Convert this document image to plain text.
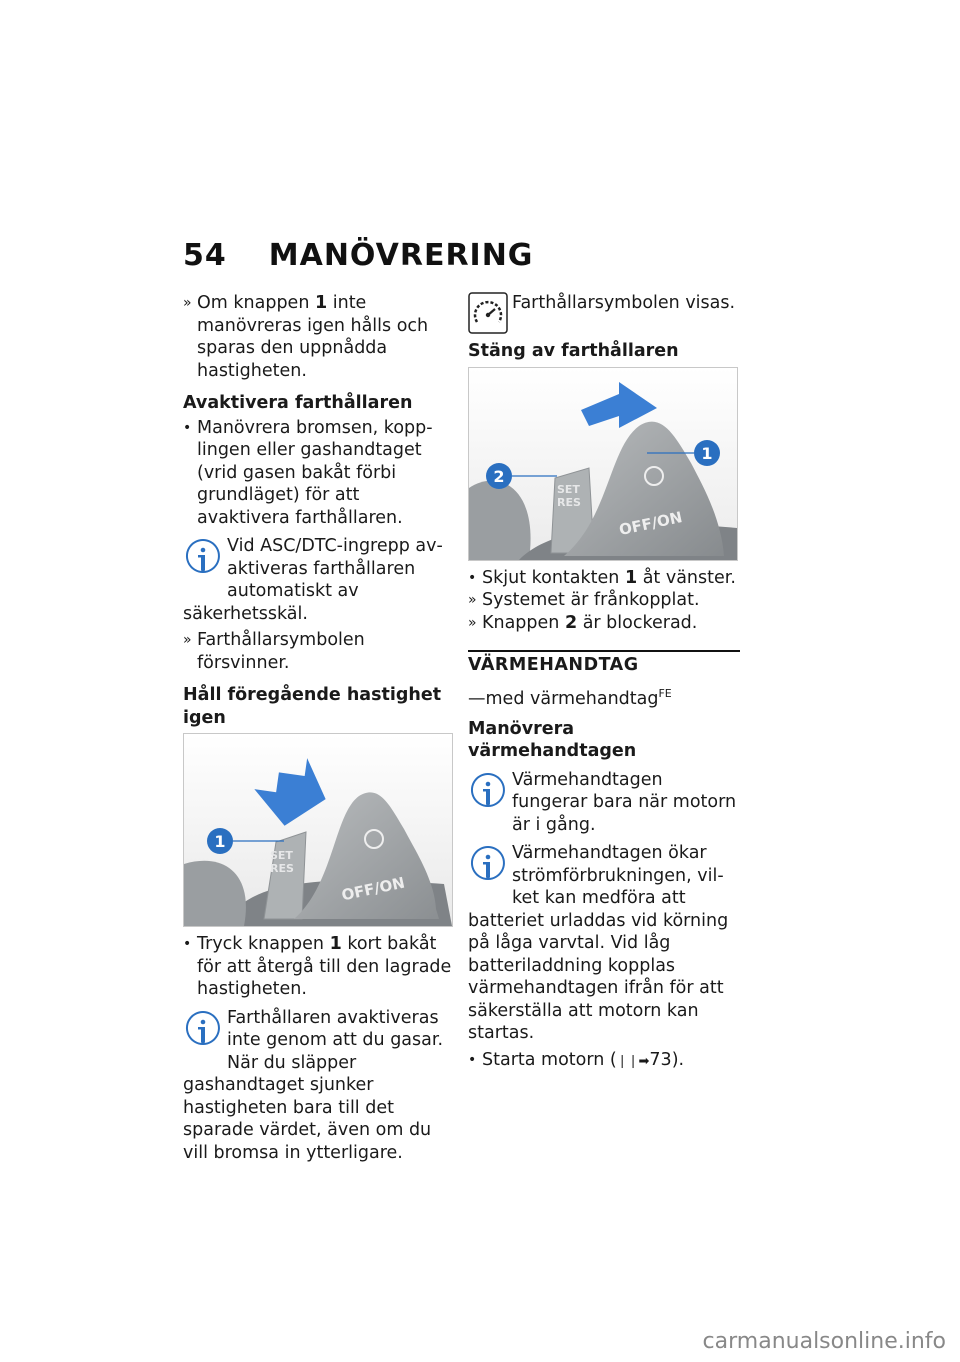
54 MANÖVRERING
» Om knappen 1 inte manövreras igen hålls och sparas den uppnådda hastigheten.

Avaktivera farthållaren

• Manövrera bromsen, kopplingen eller gashandtaget (vrid gasen bakåt förbi grundläget) för att avaktivera farthållaren.
Vid ASC/DTC-ingrepp avaktiveras farthållaren automatiskt av säkerhetsskäl.
» Farthållarsymbolen försvinner.

Håll föregående hastighet igen

1
SET
RES
OFF/ON
• Tryck knappen 1 kort bakåt för att återgå till den lagrade hastigheten.
Farthållaren avaktiveras inte genom att du gasar. När du släpper gashandtaget sjunker hastigheten bara till det sparade värdet, även om du vill bromsa in ytterligare.
Farthållarsymbolen visas.

Stäng av farthållaren

2
1
SET
RES
OFF/ON
• Skjut kontakten 1 åt vänster.
» Systemet är frånkopplat.
» Knappen 2 är blockerad.
VÄRMEHANDTAG

—med värmehandtag$^{FE}$

Manövrera värmehandtagen

Värmehandtagen fungerar bara när motorn är i gång.
Värmehandtagen ökar strömförbrukningen, vilket kan medföra att batteriet urladdas vid körning på låga varvtal. Vid låg batteriladdning kopplas värmehandtagen ifrån för att säkerställa att motorn kan startas.
• Starta motorn (❘❘➡73).
carmanualsonline.info
